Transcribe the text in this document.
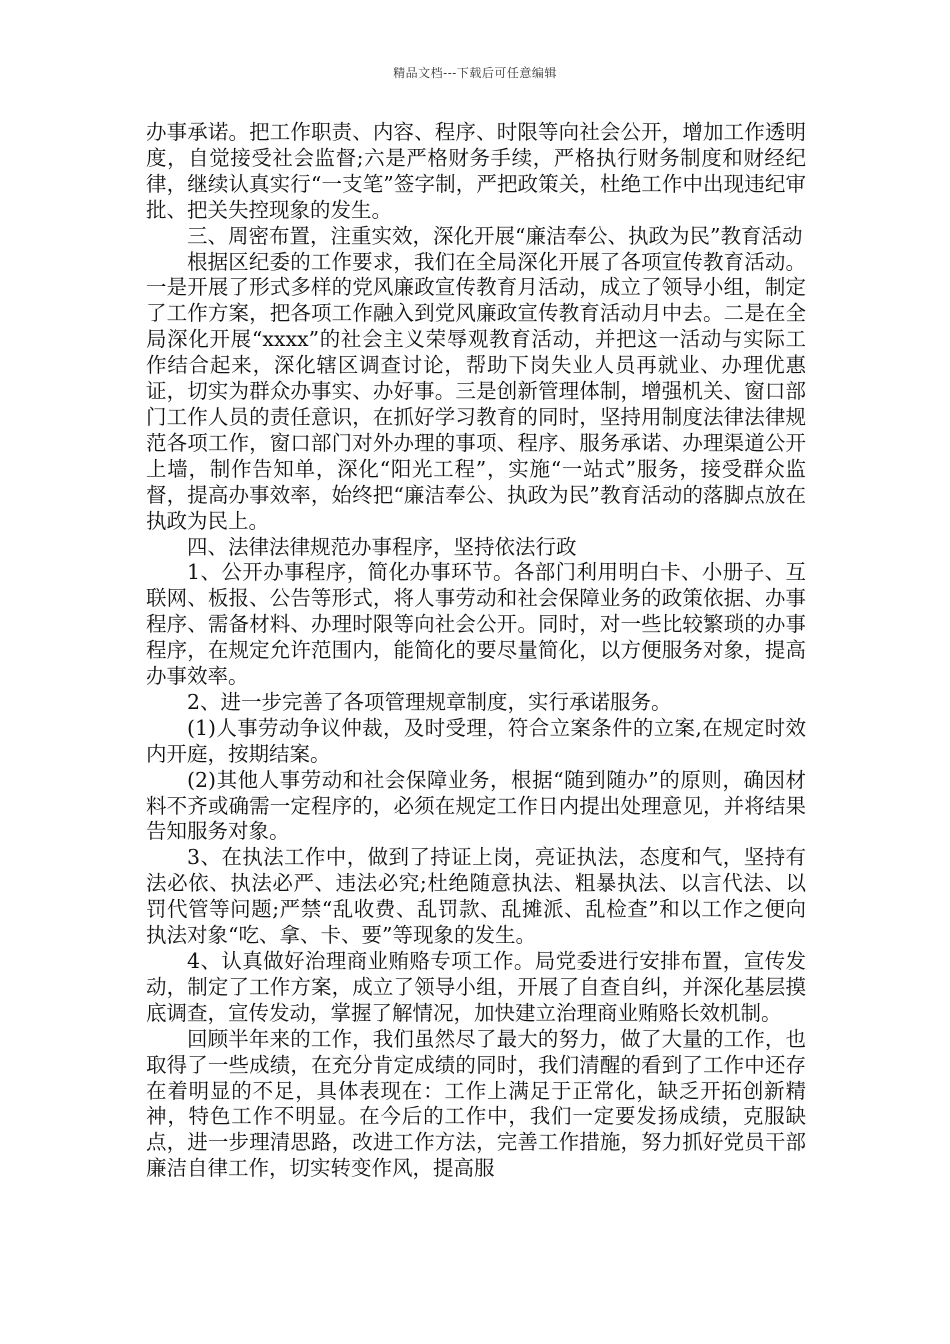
精品文档---下载后可任意编辑

办事承诺。把工作职责、内容、程序、时限等向社会公开，增加工作透明度，自觉接受社会监督;六是严格财务手续，严格执行财务制度和财经纪律，继续认真实行“一支笔”签字制，严把政策关，杜绝工作中出现违纪审批、把关失控现象的发生。

三、周密布置，注重实效，深化开展“廉洁奉公、执政为民”教育活动

根据区纪委的工作要求，我们在全局深化开展了各项宣传教育活动。一是开展了形式多样的党风廉政宣传教育月活动，成立了领导小组，制定了工作方案，把各项工作融入到党风廉政宣传教育活动月中去。二是在全局深化开展“xxxx”的社会主义荣辱观教育活动，并把这一活动与实际工作结合起来，深化辖区调查讨论，帮助下岗失业人员再就业、办理优惠证，切实为群众办事实、办好事。三是创新管理体制，增强机关、窗口部门工作人员的责任意识，在抓好学习教育的同时，坚持用制度法律法律规范各项工作，窗口部门对外办理的事项、程序、服务承诺、办理渠道公开上墙，制作告知单，深化“阳光工程”，实施“一站式”服务，接受群众监督，提高办事效率，始终把“廉洁奉公、执政为民”教育活动的落脚点放在执政为民上。

四、法律法律规范办事程序，坚持依法行政

1、公开办事程序，简化办事环节。各部门利用明白卡、小册子、互联网、板报、公告等形式，将人事劳动和社会保障业务的政策依据、办事程序、需备材料、办理时限等向社会公开。同时，对一些比较繁琐的办事程序，在规定允许范围内，能简化的要尽量简化，以方便服务对象，提高办事效率。

2、进一步完善了各项管理规章制度，实行承诺服务。

(1)人事劳动争议仲裁，及时受理，符合立案条件的立案,在规定时效内开庭，按期结案。

(2)其他人事劳动和社会保障业务，根据“随到随办”的原则，确因材料不齐或确需一定程序的，必须在规定工作日内提出处理意见，并将结果告知服务对象。

3、在执法工作中，做到了持证上岗，亮证执法，态度和气，坚持有法必依、执法必严、违法必究;杜绝随意执法、粗暴执法、以言代法、以罚代管等问题;严禁“乱收费、乱罚款、乱摊派、乱检查”和以工作之便向执法对象“吃、拿、卡、要”等现象的发生。

4、认真做好治理商业贿赂专项工作。局党委进行安排布置，宣传发动，制定了工作方案，成立了领导小组，开展了自查自纠，并深化基层摸底调查，宣传发动，掌握了解情况，加快建立治理商业贿赂长效机制。

回顾半年来的工作，我们虽然尽了最大的努力，做了大量的工作，也取得了一些成绩，在充分肯定成绩的同时，我们清醒的看到了工作中还存在着明显的不足，具体表现在：工作上满足于正常化，缺乏开拓创新精神，特色工作不明显。在今后的工作中，我们一定要发扬成绩，克服缺点，进一步理清思路，改进工作方法，完善工作措施，努力抓好党员干部廉洁自律工作，切实转变作风，提高服
